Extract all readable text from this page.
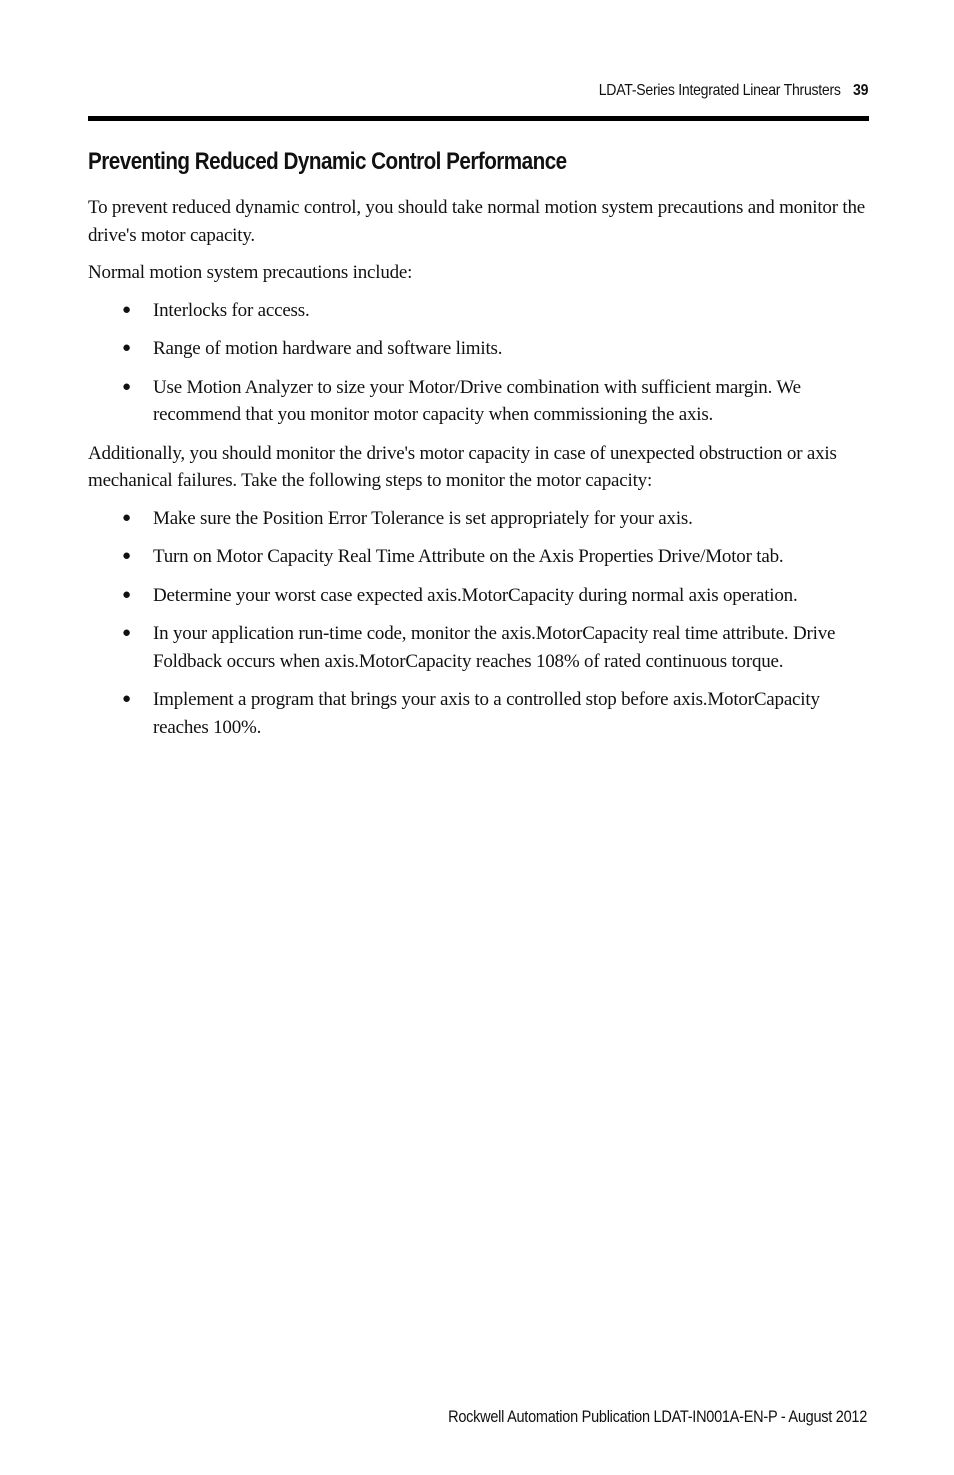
LDAT-Series Integrated Linear Thrusters 39
Preventing Reduced Dynamic Control Performance

To prevent reduced dynamic control, you should take normal motion system precautions and monitor the drive's motor capacity.

Normal motion system precautions include:

● Interlocks for access.
● Range of motion hardware and software limits.
● Use Motion Analyzer to size your Motor/Drive combination with sufficient margin. We recommend that you monitor motor capacity when commissioning the axis.

Additionally, you should monitor the drive's motor capacity in case of unexpected obstruction or axis mechanical failures. Take the following steps to monitor the motor capacity:

● Make sure the Position Error Tolerance is set appropriately for your axis.
● Turn on Motor Capacity Real Time Attribute on the Axis Properties Drive/Motor tab.
● Determine your worst case expected axis.MotorCapacity during normal axis operation.
● In your application run-time code, monitor the axis.MotorCapacity real time attribute. Drive Foldback occurs when axis.MotorCapacity reaches 108% of rated continuous torque.
● Implement a program that brings your axis to a controlled stop before axis.MotorCapacity reaches 100%.
Rockwell Automation Publication LDAT-IN001A-EN-P - August 2012
